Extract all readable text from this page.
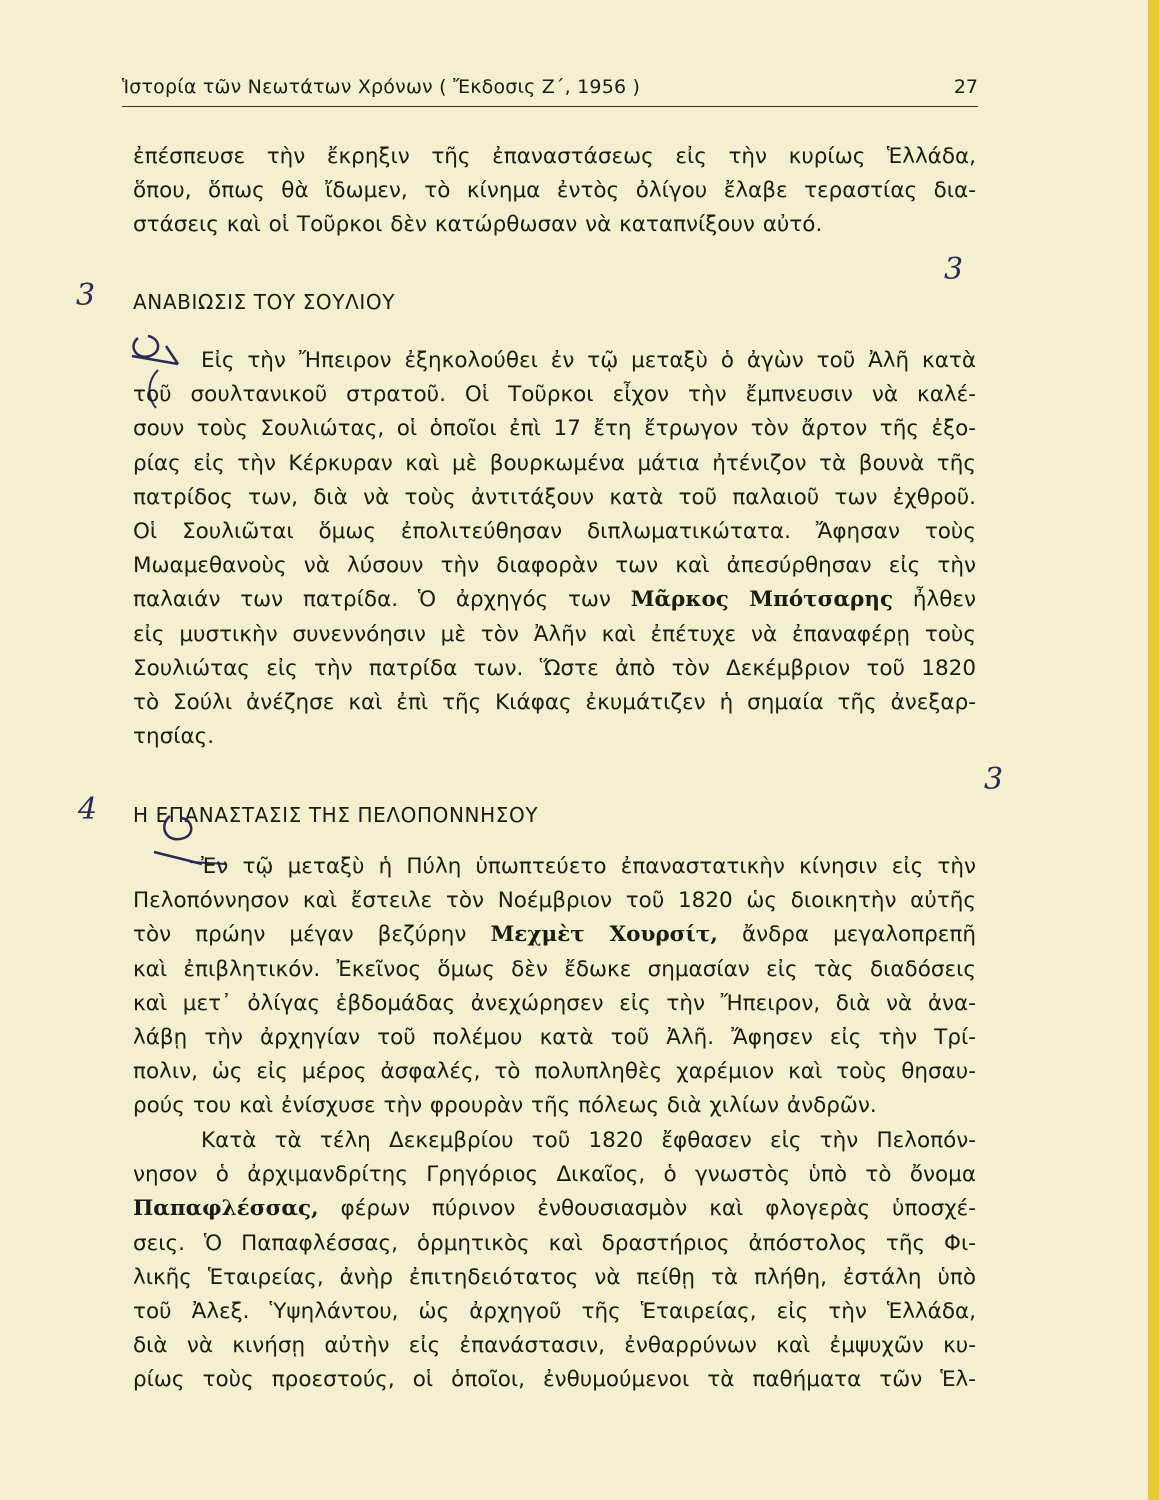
Ἱστορία τῶν Νεωτάτων Χρόνων ( Ἔκδοσις Ζ΄, 1956 )	27
ἐπέσπευσε τὴν ἔκρηξιν τῆς ἐπαναστάσεως εἰς τὴν κυρίως Ἑλλάδα,
ὅπου, ὅπως θὰ ἴδωμεν, τὸ κίνημα ἐντὸς ὀλίγου ἔλαβε τεραστίας δια-
στάσεις καὶ οἱ Τοῦρκοι δὲν κατώρθωσαν νὰ καταπνίξουν αὐτό.
3
3
ΑΝΑΒΙΩΣΙΣ ΤΟΥ ΣΟΥΛΙΟΥ
Εἰς τὴν Ἤπειρον ἐξηκολούθει ἐν τῷ μεταξὺ ὁ ἀγὼν τοῦ Ἀλῆ κατὰ
τοῦ σουλτανικοῦ στρατοῦ. Οἱ Τοῦρκοι εἶχον τὴν ἔμπνευσιν νὰ καλέ-
σουν τοὺς Σουλιώτας, οἱ ὁποῖοι ἐπὶ 17 ἔτη ἔτρωγον τὸν ἄρτον τῆς ἐξο-
ρίας εἰς τὴν Κέρκυραν καὶ μὲ βουρκωμένα μάτια ἠτένιζον τὰ βουνὰ τῆς
πατρίδος των, διὰ νὰ τοὺς ἀντιτάξουν κατὰ τοῦ παλαιοῦ των ἐχθροῦ.
Οἱ Σουλιῶται ὅμως ἐπολιτεύθησαν διπλωματικώτατα. Ἄφησαν τοὺς
Μωαμεθανοὺς νὰ λύσουν τὴν διαφορὰν των καὶ ἀπεσύρθησαν εἰς τὴν
παλαιάν των πατρίδα. Ὁ ἀρχηγός των Μᾶρκος Μπότσαρης ἦλθεν
εἰς μυστικὴν συνεννόησιν μὲ τὸν Ἀλῆν καὶ ἐπέτυχε νὰ ἐπαναφέρῃ τοὺς
Σουλιώτας εἰς τὴν πατρίδα των. Ὥστε ἀπὸ τὸν Δεκέμβριον τοῦ 1820
τὸ Σούλι ἀνέζησε καὶ ἐπὶ τῆς Κιάφας ἐκυμάτιζεν ἡ σημαία τῆς ἀνεξαρ-
τησίας.
4
3
Η ΕΠΑΝΑΣΤΑΣΙΣ ΤΗΣ ΠΕΛΟΠΟΝΝΗΣΟΥ
Ἐν τῷ μεταξὺ ἡ Πύλη ὑπωπτεύετο ἐπαναστατικὴν κίνησιν εἰς τὴν
Πελοπόννησον καὶ ἔστειλε τὸν Νοέμβριον τοῦ 1820 ὡς διοικητὴν αὐτῆς
τὸν πρώην μέγαν βεζύρην Μεχμὲτ Χουρσίτ, ἄνδρα μεγαλοπρεπῆ
καὶ ἐπιβλητικόν. Ἐκεῖνος ὅμως δὲν ἔδωκε σημασίαν εἰς τὰς διαδόσεις
καὶ μετ᾽ ὀλίγας ἑβδομάδας ἀνεχώρησεν εἰς τὴν Ἤπειρον, διὰ νὰ ἀνα-
λάβῃ τὴν ἀρχηγίαν τοῦ πολέμου κατὰ τοῦ Ἀλῆ. Ἄφησεν εἰς τὴν Τρί-
πολιν, ὡς εἰς μέρος ἀσφαλές, τὸ πολυπληθὲς χαρέμιον καὶ τοὺς θησαυ-
ρούς του καὶ ἐνίσχυσε τὴν φρουρὰν τῆς πόλεως διὰ χιλίων ἀνδρῶν.
Κατὰ τὰ τέλη Δεκεμβρίου τοῦ 1820 ἔφθασεν εἰς τὴν Πελοπόν-
νησον ὁ ἀρχιμανδρίτης Γρηγόριος Δικαῖος, ὁ γνωστὸς ὑπὸ τὸ ὄνομα
Παπαφλέσσας, φέρων πύρινον ἐνθουσιασμὸν καὶ φλογερὰς ὑποσχέ-
σεις. Ὁ Παπαφλέσσας, ὁρμητικὸς καὶ δραστήριος ἀπόστολος τῆς Φι-
λικῆς Ἑταιρείας, ἀνὴρ ἐπιτηδειότατος νὰ πείθῃ τὰ πλήθη, ἐστάλη ὑπὸ
τοῦ Ἀλεξ. Ὑψηλάντου, ὡς ἀρχηγοῦ τῆς Ἑταιρείας, εἰς τὴν Ἑλλάδα,
διὰ νὰ κινήσῃ αὐτὴν εἰς ἐπανάστασιν, ἐνθαρρύνων καὶ ἐμψυχῶν κυ-
ρίως τοὺς προεστούς, οἱ ὁποῖοι, ἐνθυμούμενοι τὰ παθήματα τῶν Ἑλ-
